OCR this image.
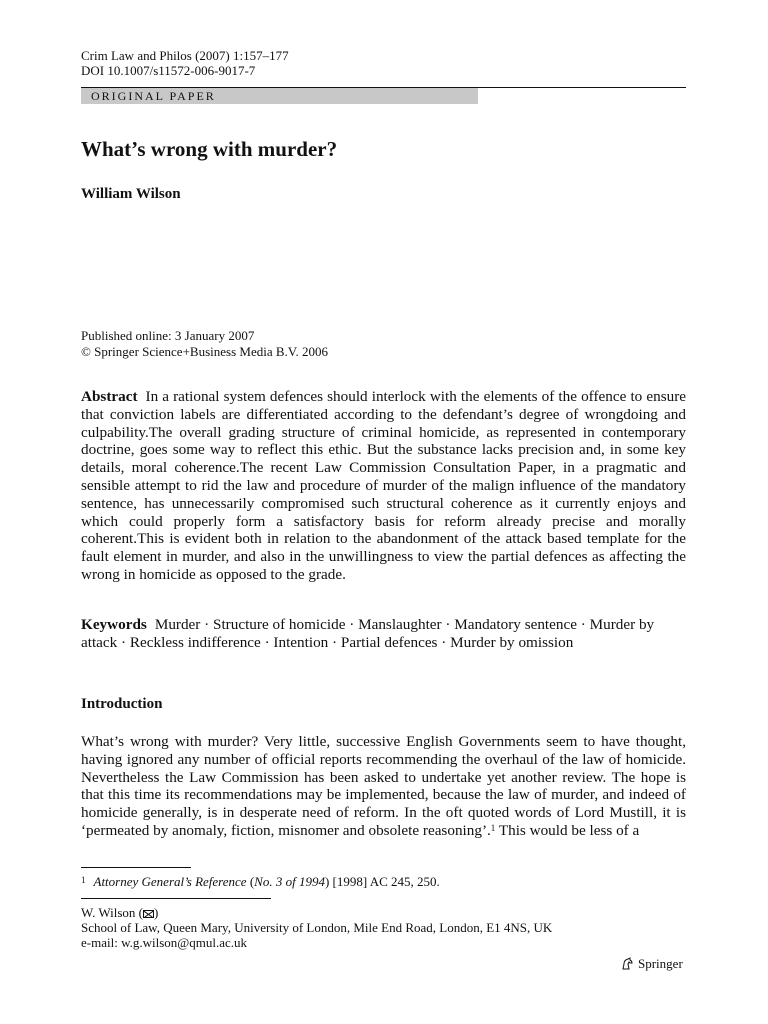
Crim Law and Philos (2007) 1:157–177
DOI 10.1007/s11572-006-9017-7
ORIGINAL PAPER
What’s wrong with murder?
William Wilson
Published online: 3 January 2007
© Springer Science+Business Media B.V. 2006
Abstract In a rational system defences should interlock with the elements of the offence to ensure that conviction labels are differentiated according to the defendant’s degree of wrongdoing and culpability.The overall grading structure of criminal homicide, as represented in contemporary doctrine, goes some way to reflect this ethic. But the substance lacks precision and, in some key details, moral coherence.The recent Law Commission Consultation Paper, in a pragmatic and sensible attempt to rid the law and procedure of murder of the malign influence of the mandatory sentence, has unnecessarily compromised such structural coherence as it currently enjoys and which could properly form a satisfactory basis for reform already precise and morally coherent.This is evident both in relation to the abandonment of the attack based template for the fault element in murder, and also in the unwillingness to view the partial defences as affecting the wrong in homicide as opposed to the grade.
Keywords Murder · Structure of homicide · Manslaughter · Mandatory sentence · Murder by attack · Reckless indifference · Intention · Partial defences · Murder by omission
Introduction
What’s wrong with murder? Very little, successive English Governments seem to have thought, having ignored any number of official reports recommending the overhaul of the law of homicide. Nevertheless the Law Commission has been asked to undertake yet another review. The hope is that this time its recommendations may be implemented, because the law of murder, and indeed of homicide generally, is in desperate need of reform. In the oft quoted words of Lord Mustill, it is ‘permeated by anomaly, fiction, misnomer and obsolete reasoning’.$^1$ This would be less of a
$^1$ Attorney General’s Reference (No. 3 of 1994) [1998] AC 245, 250.
W. Wilson ( )
School of Law, Queen Mary, University of London, Mile End Road, London, E1 4NS, UK
e-mail: w.g.wilson@qmul.ac.uk
Springer
